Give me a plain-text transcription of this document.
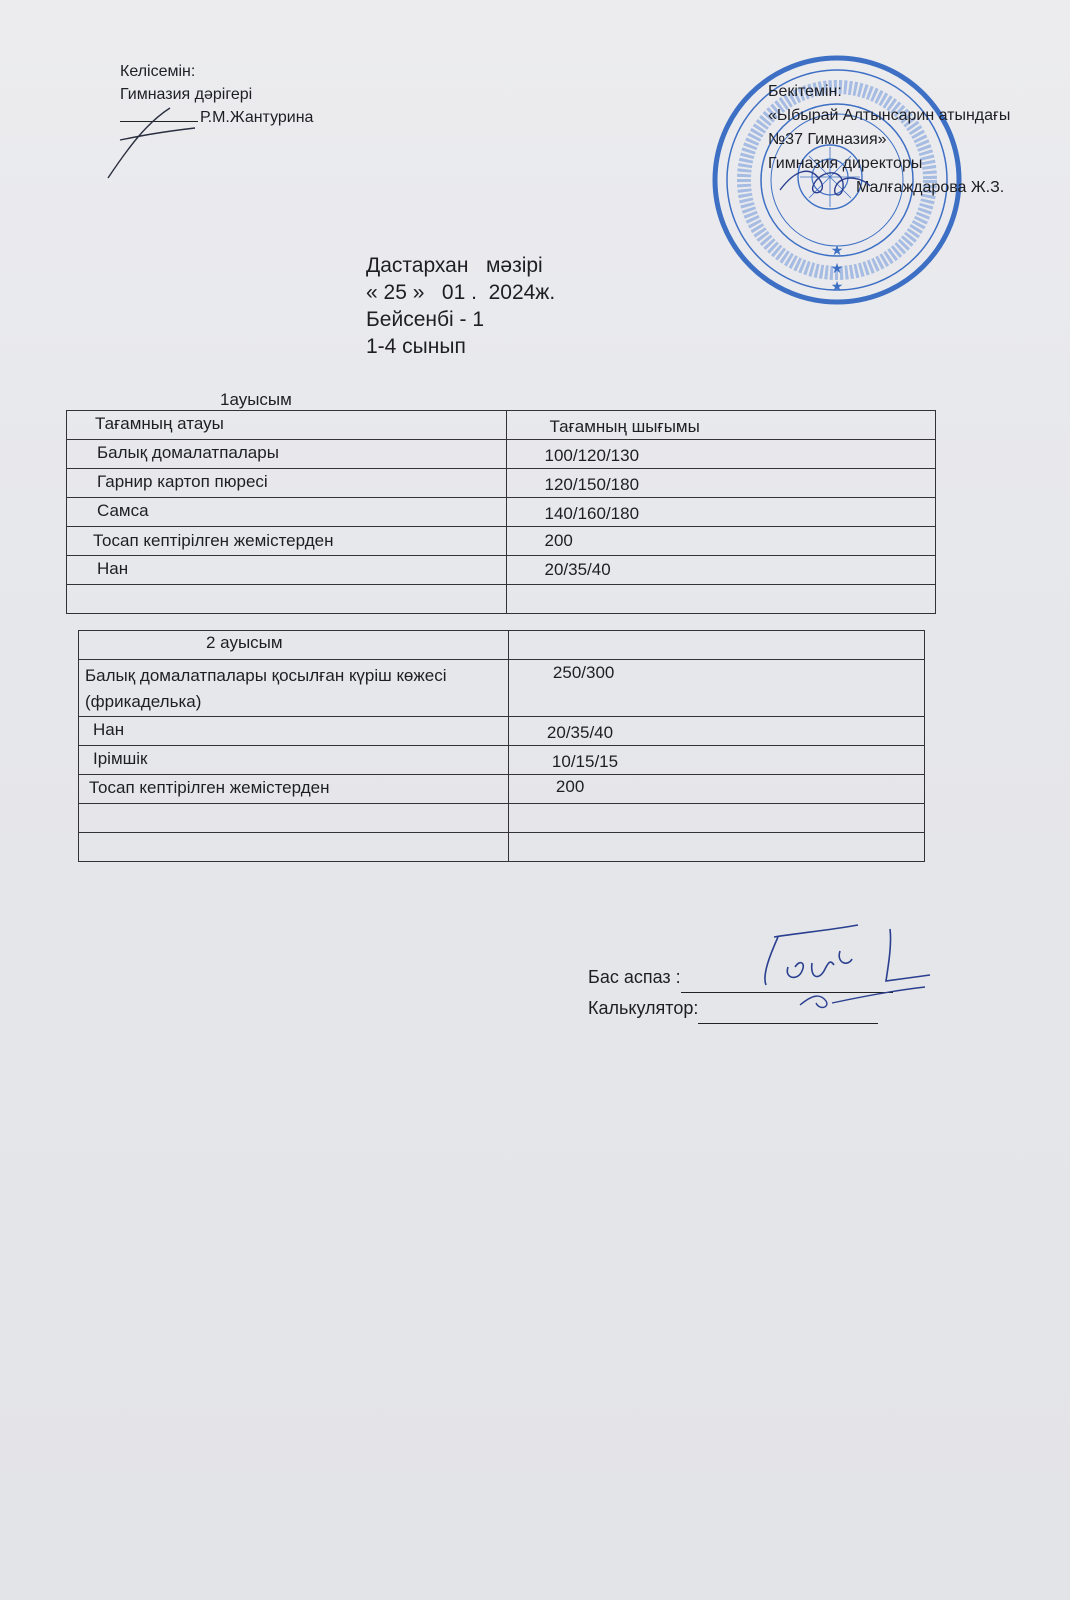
Келісемін:
Гимназия дәрігері
Р.М.Жантурина
★
★
★
Бекітемін:
«Ыбырай Алтынсарин атындағы
№37 Гимназия»
Гимназия директоры
Малғаждарова Ж.З.
Дастархан   мәзірі
« 25 »   01 .  2024ж.
Бейсенбі - 1
1-4 сынып
1ауысым
Тағамның атауы	Тағамның шығымы

Балық домалатпалары	100/120/130

Гарнир картоп пюресі	120/150/180

Самса	140/160/180

Тосап кептірілген жемістерден	200

Нан	20/35/40

2 ауысым	

Балық домалатпалары қосылған күріш көжесі (фрикаделька)	250/300

Нан	20/35/40

Ірімшік	10/15/15

Тосап кептірілген жемістерден	200

Бас аспаз :
Калькулятор:
